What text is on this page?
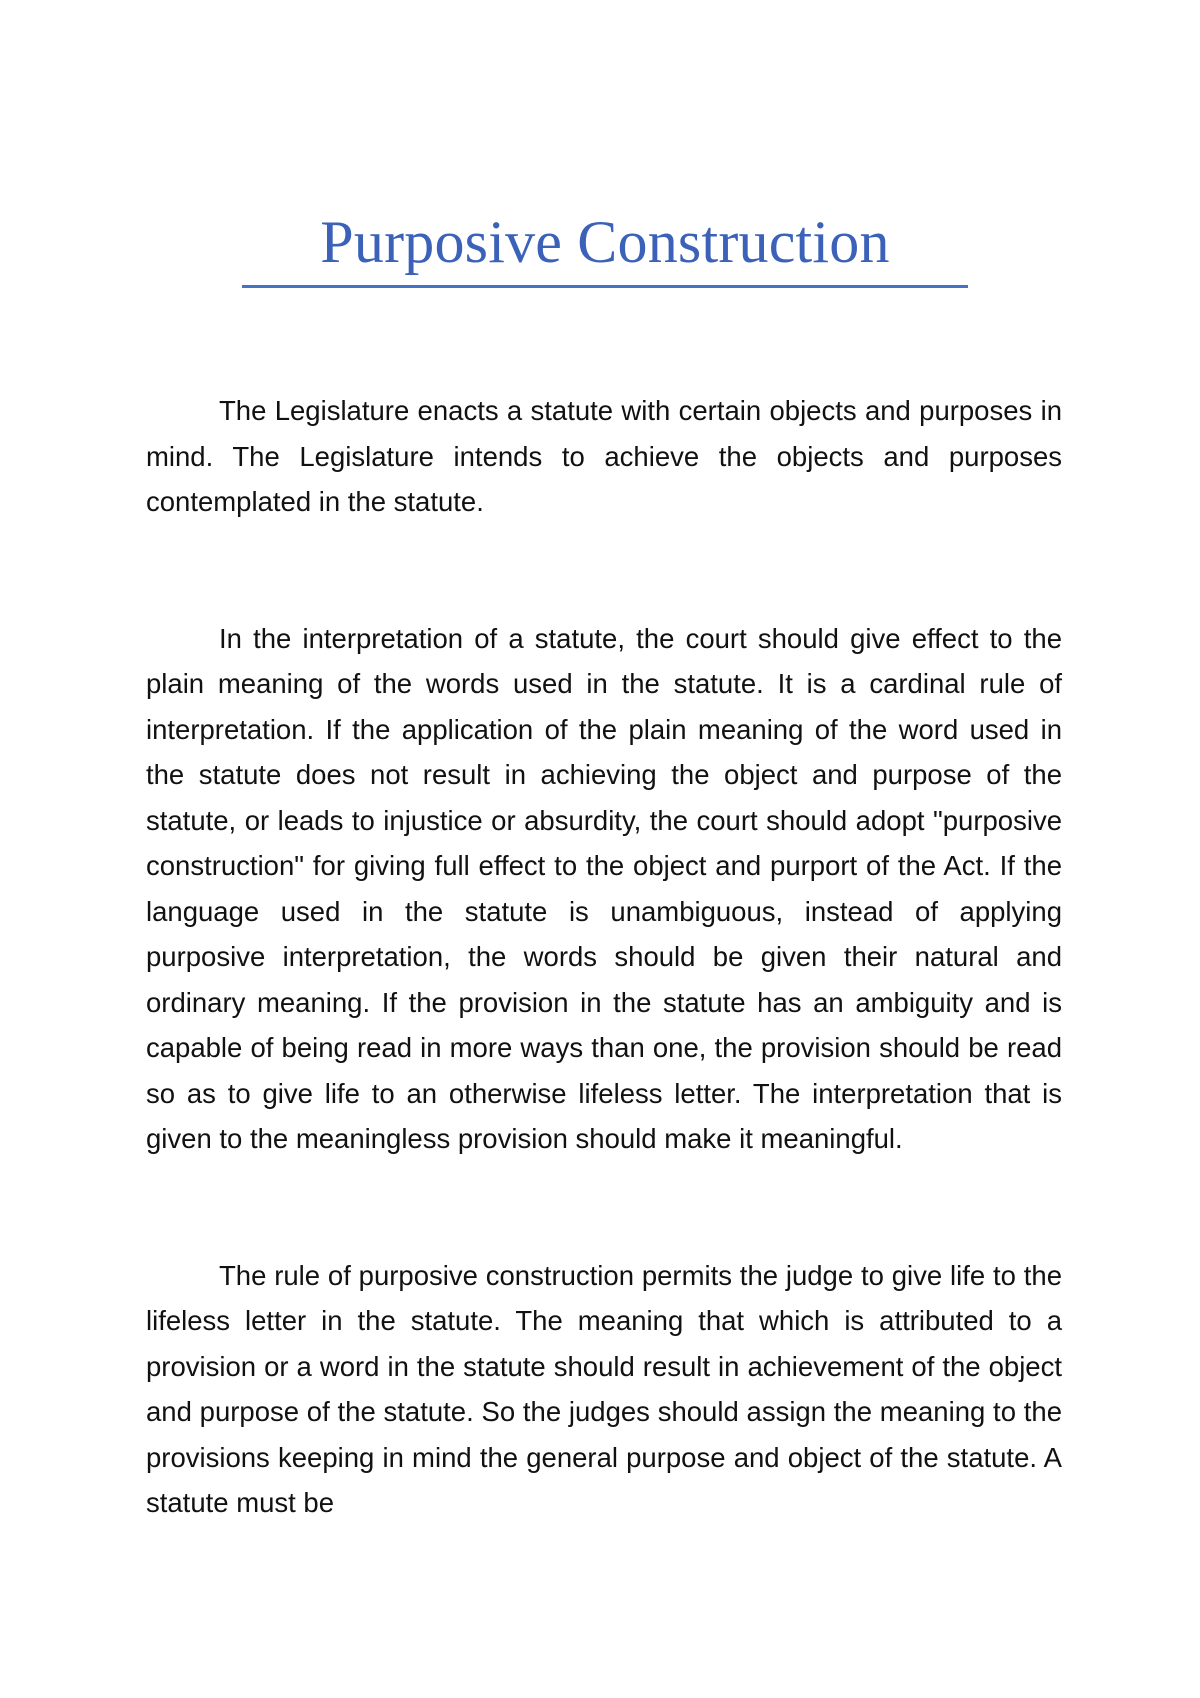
Purposive Construction

The Legislature enacts a statute with certain objects and purposes in mind. The Legislature intends to achieve the objects and purposes contemplated in the statute.

In the interpretation of a statute, the court should give effect to the plain meaning of the words used in the statute. It is a cardinal rule of interpretation. If the application of the plain meaning of the word used in the statute does not result in achieving the object and purpose of the statute, or leads to injustice or absurdity, the court should adopt "purposive construction" for giving full effect to the object and purport of the Act. If the language used in the statute is unambiguous, instead of applying purposive interpretation, the words should be given their natural and ordinary meaning. If the provision in the statute has an ambiguity and is capable of being read in more ways than one, the provision should be read so as to give life to an otherwise lifeless letter. The interpretation that is given to the meaningless provision should make it meaningful.

The rule of purposive construction permits the judge to give life to the lifeless letter in the statute. The meaning that which is attributed to a provision or a word in the statute should result in achievement of the object and purpose of the statute. So the judges should assign the meaning to the provisions keeping in mind the general purpose and object of the statute. A statute must be
